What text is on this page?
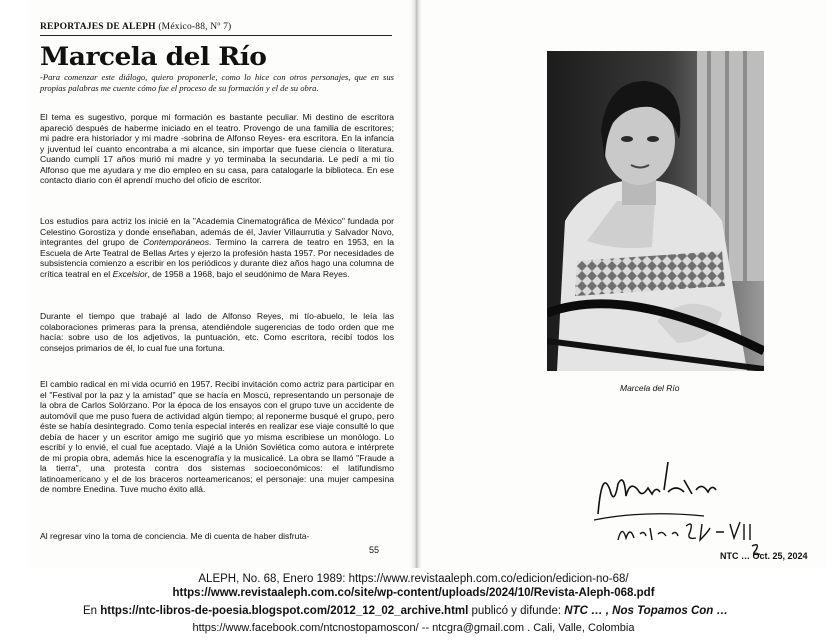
REPORTAJES DE ALEPH (México-88, Nº 7)
Marcela del Río
-Para comenzar este diálogo, quiero proponerle, como lo hice con otros personajes, que en sus propias palabras me cuente cómo fue el proceso de su formación y el de su obra.
El tema es sugestivo, porque mi formación es bastante peculiar. Mi destino de escritora apareció después de haberme iniciado en el teatro. Provengo de una familia de escritores; mi padre era historiador y mi madre -sobrina de Alfonso Reyes- era escritora. En la infancia y juventud leí cuanto encontraba a mi alcance, sin importar que fuese ciencia o literatura. Cuando cumplí 17 años murió mi madre y yo terminaba la secundaria. Le pedí a mi tío Alfonso que me ayudara y me dio empleo en su casa, para catalogarle la biblioteca. En ese contacto diario con él aprendí mucho del oficio de escritor.
Los estudios para actriz los inicié en la "Academia Cinematográfica de México" fundada por Celestino Gorostiza y donde enseñaban, además de él, Javier Villaurrutia y Salvador Novo, integrantes del grupo de Contemporáneos. Termino la carrera de teatro en 1953, en la Escuela de Arte Teatral de Bellas Artes y ejerzo la profesión hasta 1957. Por necesidades de subsistencia comienzo a escribir en los periódicos y durante diez años hago una columna de crítica teatral en el Excelsior, de 1958 a 1968, bajo el seudónimo de Mara Reyes.
Durante el tiempo que trabajé al lado de Alfonso Reyes, mi tío-abuelo, le leía las colaboraciones primeras para la prensa, atendiéndole sugerencias de todo orden que me hacía: sobre uso de los adjetivos, la puntuación, etc. Como escritora, recibí todos los consejos primarios de él, lo cual fue una fortuna.
El cambio radical en mi vida ocurrió en 1957. Recibí invitación como actriz para participar en el "Festival por la paz y la amistad" que se hacía en Moscú, representando un personaje de la obra de Carlos Solórzano. Por la época de los ensayos con el grupo tuve un accidente de automóvil que me puso fuera de actividad algún tiempo; al reponerme busqué el grupo, pero éste se había desintegrado. Como tenía especial interés en realizar ese viaje consulté lo que debía de hacer y un escritor amigo me sugirió que yo misma escribiese un monólogo. Lo escribí y lo envié, el cual fue aceptado. Viajé a la Unión Soviética como autora e intérprete de mi propia obra, además hice la escenografía y la musicalicé. La obra se llamó "Fraude a la tierra", una protesta contra dos sistemas socioeconómicos: el latifundismo latinoamericano y el de los braceros norteamericanos; el personaje: una mujer campesina de nombre Enedina. Tuve mucho éxito allá.
Al regresar vino la toma de conciencia. Me di cuenta de haber disfruta-
55
Marcela del Río
NTC … Oct. 25, 2024
ALEPH, No. 68, Enero 1989: https://www.revistaaleph.com.co/edicion/edicion-no-68/
https://www.revistaaleph.com.co/site/wp-content/uploads/2024/10/Revista-Aleph-068.pdf
En https://ntc-libros-de-poesia.blogspot.com/2012_12_02_archive.html publicó y difunde: NTC … , Nos Topamos Con …
https://www.facebook.com/ntcnostopamoscon/ -- ntcgra@gmail.com . Cali, Valle, Colombia
